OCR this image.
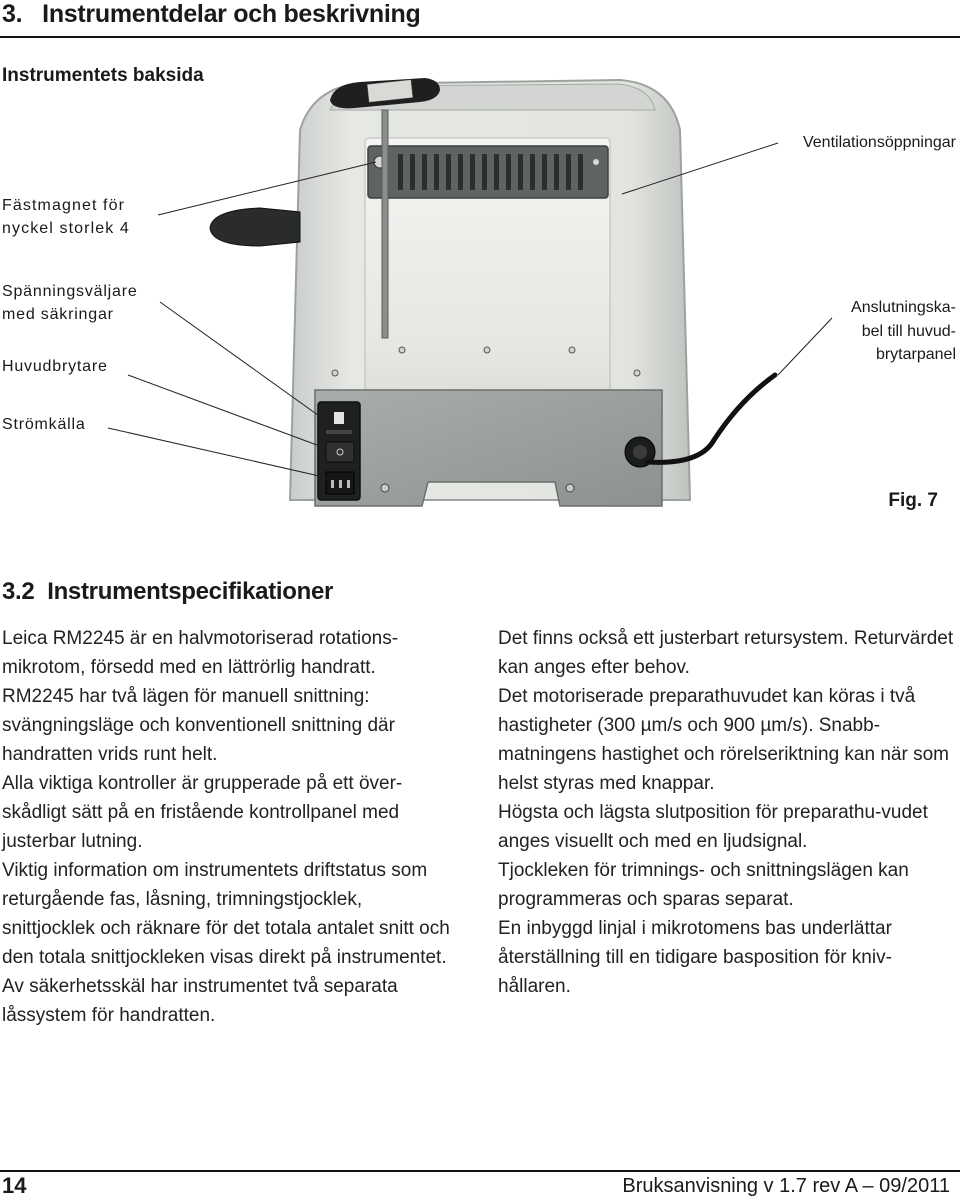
3.   Instrumentdelar och beskrivning
Instrumentets baksida
Ventilationsöppningar
Fästmagnet för
nyckel storlek 4
Spänningsväljare
med säkringar
Huvudbrytare
Strömkälla
Anslutningska-
bel till huvud-
brytarpanel
Fig. 7
3.2  Instrumentspecifikationer

Leica RM2245 är en halvmotoriserad rotations-mikrotom, försedd med en lättrörlig handratt.

RM2245 har två lägen för manuell snittning: svängningsläge och konventionell snittning där handratten vrids runt helt.

Alla viktiga kontroller är grupperade på ett över-skådligt sätt på en fristående kontrollpanel med justerbar lutning.

Viktig information om instrumentets driftstatus som returgående fas, låsning, trimningstjocklek, snittjocklek och räknare för det totala antalet snitt och den totala snittjockleken visas direkt på instrumentet.

Av säkerhetsskäl har instrumentet två separata låssystem för handratten.

Det finns också ett justerbart retursystem. Returvärdet kan anges efter behov.

Det motoriserade preparathuvudet kan köras i två hastigheter (300 µm/s och 900 µm/s). Snabb-matningens hastighet och rörelseriktning kan när som helst styras med knappar.

Högsta och lägsta slutposition för preparathu-vudet anges visuellt och med en ljudsignal.

Tjockleken för trimnings- och snittningslägen kan programmeras och sparas separat.

En inbyggd linjal i mikrotomens bas underlättar återställning till en tidigare basposition för kniv-hållaren.

14	Bruksanvisning v 1.7 rev A – 09/2011
